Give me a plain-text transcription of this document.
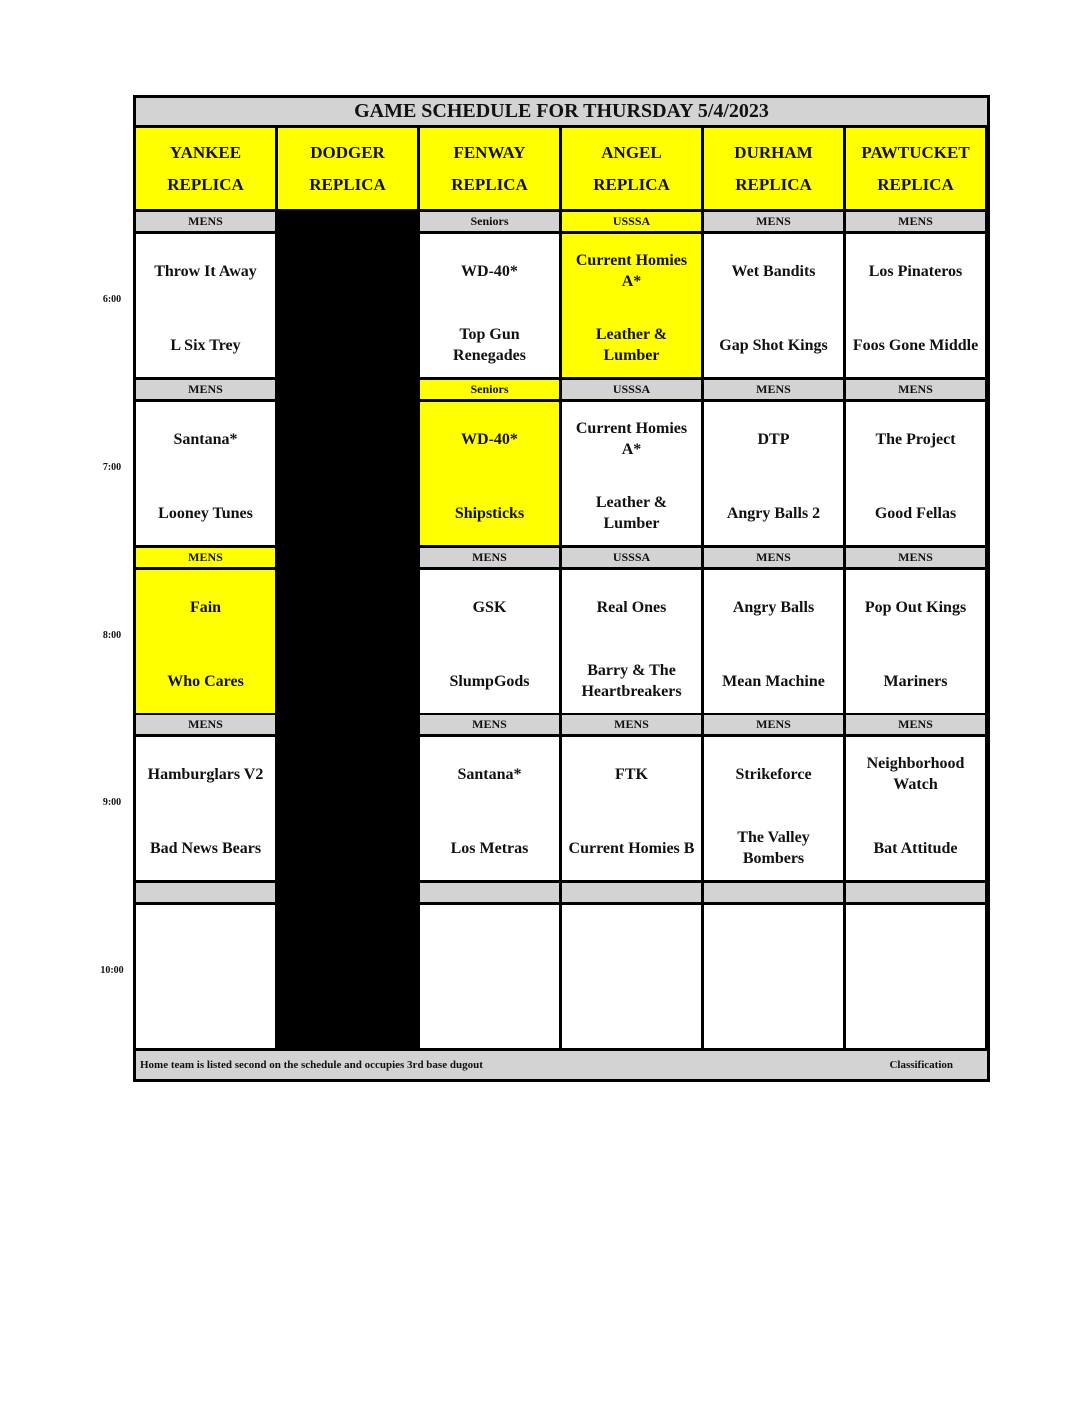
GAME SCHEDULE FOR THURSDAY 5/4/2023
YANKEE
REPLICA
DODGER
REPLICA
FENWAY
REPLICA
ANGEL
REPLICA
DURHAM
REPLICA
PAWTUCKET
REPLICA
MENS
Throw It Away
L Six Trey
Seniors
WD-40*
Top Gun Renegades
USSSA
Current Homies A*
Leather & Lumber
MENS
Wet Bandits
Gap Shot Kings
MENS
Los Pinateros
Foos Gone Middle
MENS
Santana*
Looney Tunes
Seniors
WD-40*
Shipsticks
USSSA
Current Homies A*
Leather & Lumber
MENS
DTP
Angry Balls 2
MENS
The Project
Good Fellas
MENS
Fain
Who Cares
MENS
GSK
SlumpGods
USSSA
Real Ones
Barry & The Heartbreakers
MENS
Angry Balls
Mean Machine
MENS
Pop Out Kings
Mariners
MENS
Hamburglars V2
Bad News Bears
MENS
Santana*
Los Metras
MENS
FTK
Current Homies B
MENS
Strikeforce
The Valley Bombers
MENS
Neighborhood Watch
Bat Attitude
Home team is listed second on the schedule and occupies 3rd base dugout	Classification
6:00
7:00
8:00
9:00
10:00
